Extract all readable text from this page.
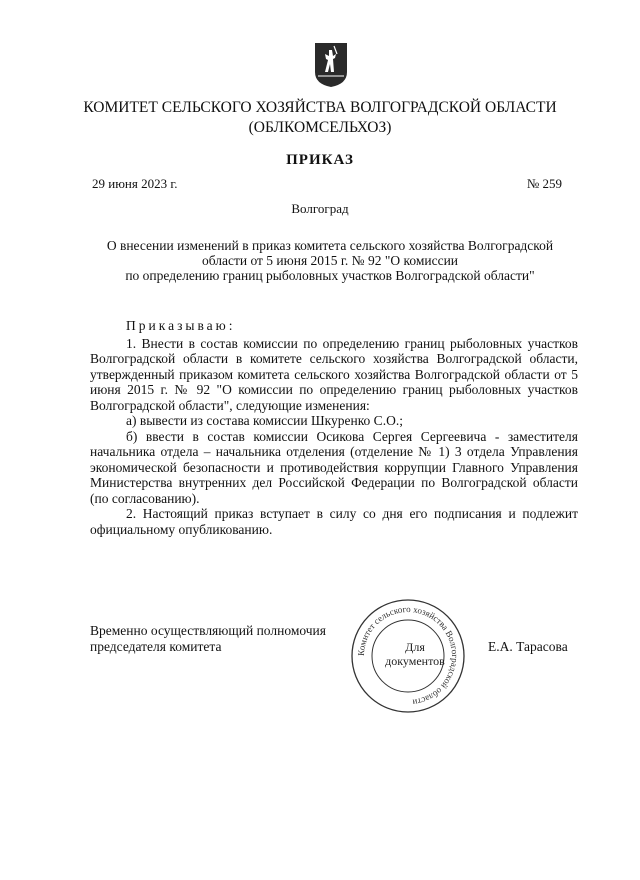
КОМИТЕТ СЕЛЬСКОГО ХОЗЯЙСТВА ВОЛГОГРАДСКОЙ ОБЛАСТИ
(ОБЛКОМСЕЛЬХОЗ)
ПРИКАЗ
29 июня 2023 г.	№ 259
Волгоград
О внесении изменений в приказ комитета сельского хозяйства Волгоградской
области от 5 июня 2015 г. № 92 "О комиссии
по определению границ рыболовных участков Волгоградской области"

Приказываю:

1. Внести в состав комиссии по определению границ рыболовных участков Волгоградской области в комитете сельского хозяйства Волгоградской области, утвержденный приказом комитета сельского хозяйства Волгоградской области от 5 июня 2015 г. № 92 "О комиссии по определению границ рыболовных участков Волгоградской области", следующие изменения:

а) вывести из состава комиссии Шкуренко С.О.;

б) ввести в состав комиссии Осикова Сергея Сергеевича - заместителя начальника отдела – начальника отделения (отделение № 1) 3 отдела Управления экономической безопасности и противодействия коррупции Главного Управления Министерства внутренних дел Российской Федерации по Волгоградской области (по согласованию).

2. Настоящий приказ вступает в силу со дня его подписания и подлежит официальному опубликованию.

Временно осуществляющий полномочия
председателя комитета	Комитет сельского хозяйства Волгоградской области
Для
документов
Е.А. Тарасова
